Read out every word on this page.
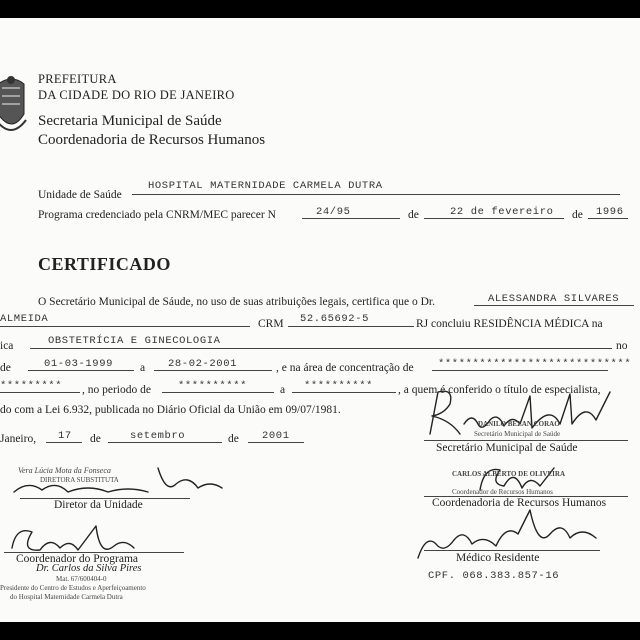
PREFEITURA
DA CIDADE DO RIO DE JANEIRO
Secretaria Municipal de Saúde
Coordenadoria de Recursos Humanos
Unidade de Saúde
HOSPITAL MATERNIDADE CARMELA DUTRA
Programa credenciado pela CNRM/MEC parecer N	24/95	de	22 de fevereiro de 1996
CERTIFICADO
O Secretário Municipal de Sáude, no uso de suas atribuições legais, certifica que o Dr.	ALESSANDRA SILVARES
ALMEIDA	CRM 52.65692-5	RJ concluiu RESIDÊNCIA MÉDICA na
ica	OBSTETRÍCIA E GINECOLOGIA	no
de	01-03-1999 a 28-02-2001	, e na área de concentração de ****************************
********* , no periodo de	**********	a ********** , a quem é conferido o título de especialista,
do com a Lei 6.932, publicada no Diário Oficial da União em 09/07/1981.
Janeiro, 17 de	setembro	de 2001
DANILO BEZAN CORAO
Secretário Municipal de Saúde
Secretário Municipal de Saúde
CARLOS ALBERTO DE OLIVEIRA
Coordenador de Recursos Humanos
Coordenadoria de Recursos Humanos
Vera Lúcia Mota da Fonseca
DIRETORA SUBSTITUTA
Diretor da Unidade
Coordenador do Programa
Dr. Carlos da Silva Pires
Mat. 67/600404-0
Presidente do Centro de Estudos e Aperfeiçoamento
do Hospital Maternidade Carmela Dutra
Médico Residente
CPF. 068.383.857-16
